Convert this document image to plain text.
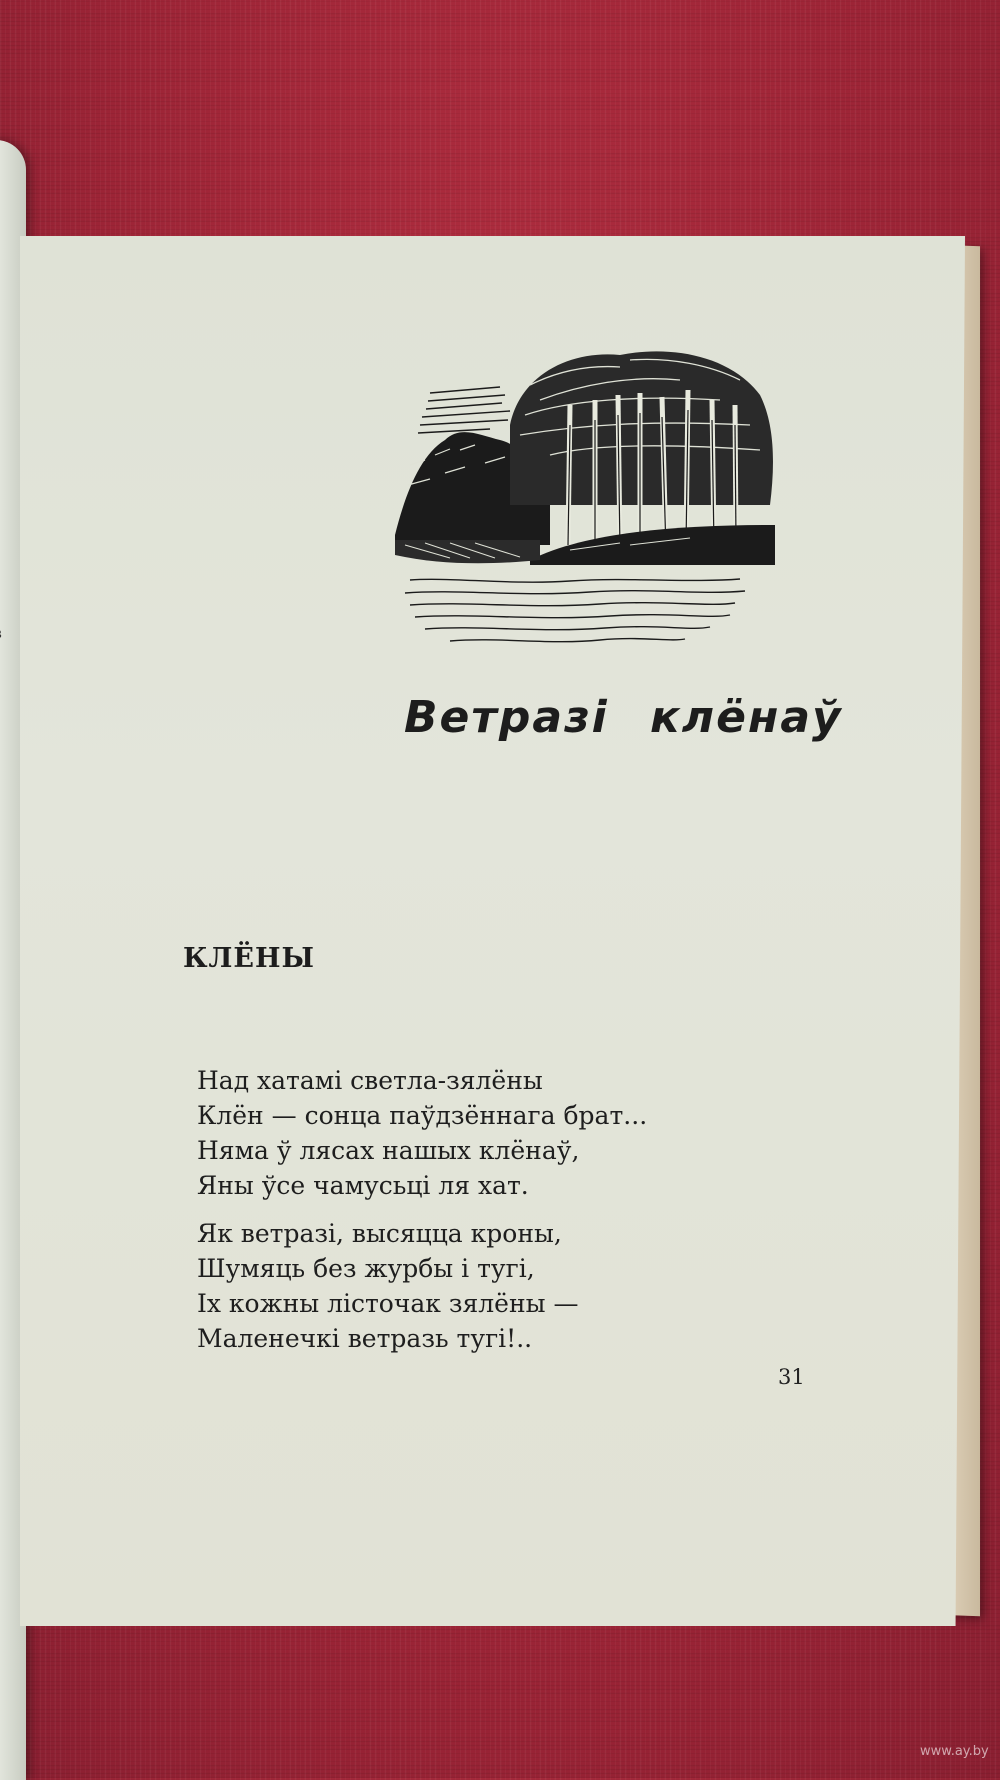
Ветразі клёнаў
КЛЁНЫ
Над хатамі светла-зялёны
Клён — сонца паўдзённага брат...
Няма ў лясах нашых клёнаў,
Яны ўсе чамусьці ля хат.
Як ветразі, высяцца кроны,
Шумяць без журбы і тугі,
Іх кожны лісточак зялёны —
Маленечкі ветразь тугі!..
31
www.ay.by
